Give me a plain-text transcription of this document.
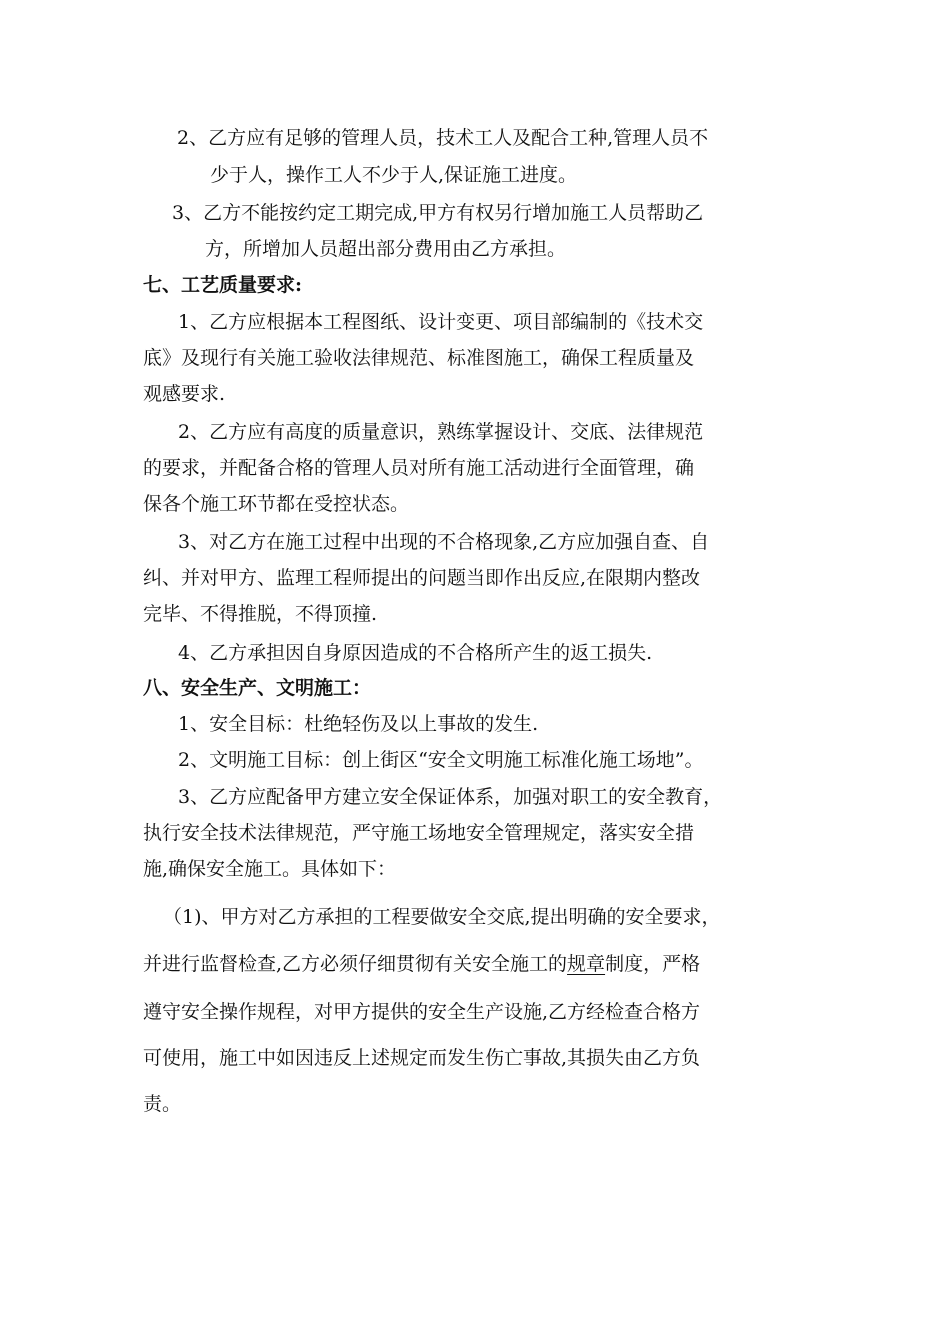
2、乙方应有足够的管理人员，技术工人及配合工种,管理人员不
少于人，操作工人不少于人,保证施工进度。
3、乙方不能按约定工期完成,甲方有权另行增加施工人员帮助乙
方，所增加人员超出部分费用由乙方承担。
七、工艺质量要求:
1、乙方应根据本工程图纸、设计变更、项目部编制的《技术交
底》及现行有关施工验收法律规范、标准图施工，确保工程质量及
观感要求.
2、乙方应有高度的质量意识，熟练掌握设计、交底、法律规范
的要求，并配备合格的管理人员对所有施工活动进行全面管理，确
保各个施工环节都在受控状态。
3、对乙方在施工过程中出现的不合格现象,乙方应加强自查、自
纠、并对甲方、监理工程师提出的问题当即作出反应,在限期内整改
完毕、不得推脱，不得顶撞.
4、乙方承担因自身原因造成的不合格所产生的返工损失.
八、安全生产、文明施工：
1、安全目标：杜绝轻伤及以上事故的发生.
2、文明施工目标：创上街区“安全文明施工标准化施工场地”。
3、乙方应配备甲方建立安全保证体系，加强对职工的安全教育，
执行安全技术法律规范，严守施工场地安全管理规定，落实安全措
施,确保安全施工。具体如下：
（1)、甲方对乙方承担的工程要做安全交底,提出明确的安全要求，
并进行监督检查,乙方必须仔细贯彻有关安全施工的规章制度，严格
遵守安全操作规程，对甲方提供的安全生产设施,乙方经检查合格方
可使用，施工中如因违反上述规定而发生伤亡事故,其损失由乙方负
责。
